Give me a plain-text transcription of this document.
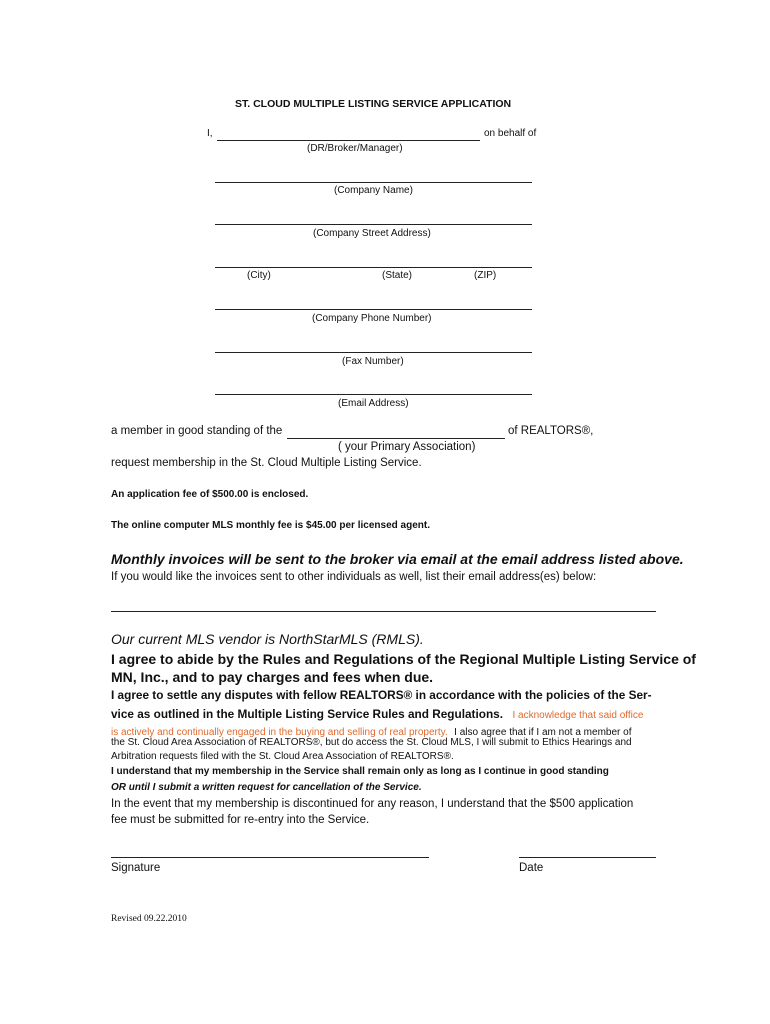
ST. CLOUD MULTIPLE LISTING SERVICE APPLICATION
I,	on behalf of
(DR/Broker/Manager)
(Company Name)
(Company Street Address)
(City)	(State)	(ZIP)
(Company Phone Number)
(Fax Number)
(Email Address)
a member in good standing of the	of REALTORS®,
( your Primary Association)
request membership in the St. Cloud Multiple Listing Service.
An application fee of $500.00 is enclosed.
The online computer MLS monthly fee is $45.00 per licensed agent.
Monthly invoices will be sent to the broker via email at the email address listed above.
If you would like the invoices sent to other individuals as well, list their email address(es) below:
Our current MLS vendor is NorthStarMLS (RMLS).
I agree to abide by the Rules and Regulations of the Regional Multiple Listing Service of
MN, Inc., and to pay charges and fees when due.
I agree to settle any disputes with fellow REALTORS® in accordance with the policies of the Ser-
vice as outlined in the Multiple Listing Service Rules and Regulations. I acknowledge that said office
is actively and continually engaged in the buying and selling of real property. I also agree that if I am not a member of
the St. Cloud Area Association of REALTORS®, but do access the St. Cloud MLS, I will submit to Ethics Hearings and
Arbitration requests filed with the St. Cloud Area Association of REALTORS®.
I understand that my membership in the Service shall remain only as long as I continue in good standing
OR until I submit a written request for cancellation of the Service.
In the event that my membership is discontinued for any reason, I understand that the $500 application
fee must be submitted for re-entry into the Service.
Signature	Date
Revised 09.22.2010
